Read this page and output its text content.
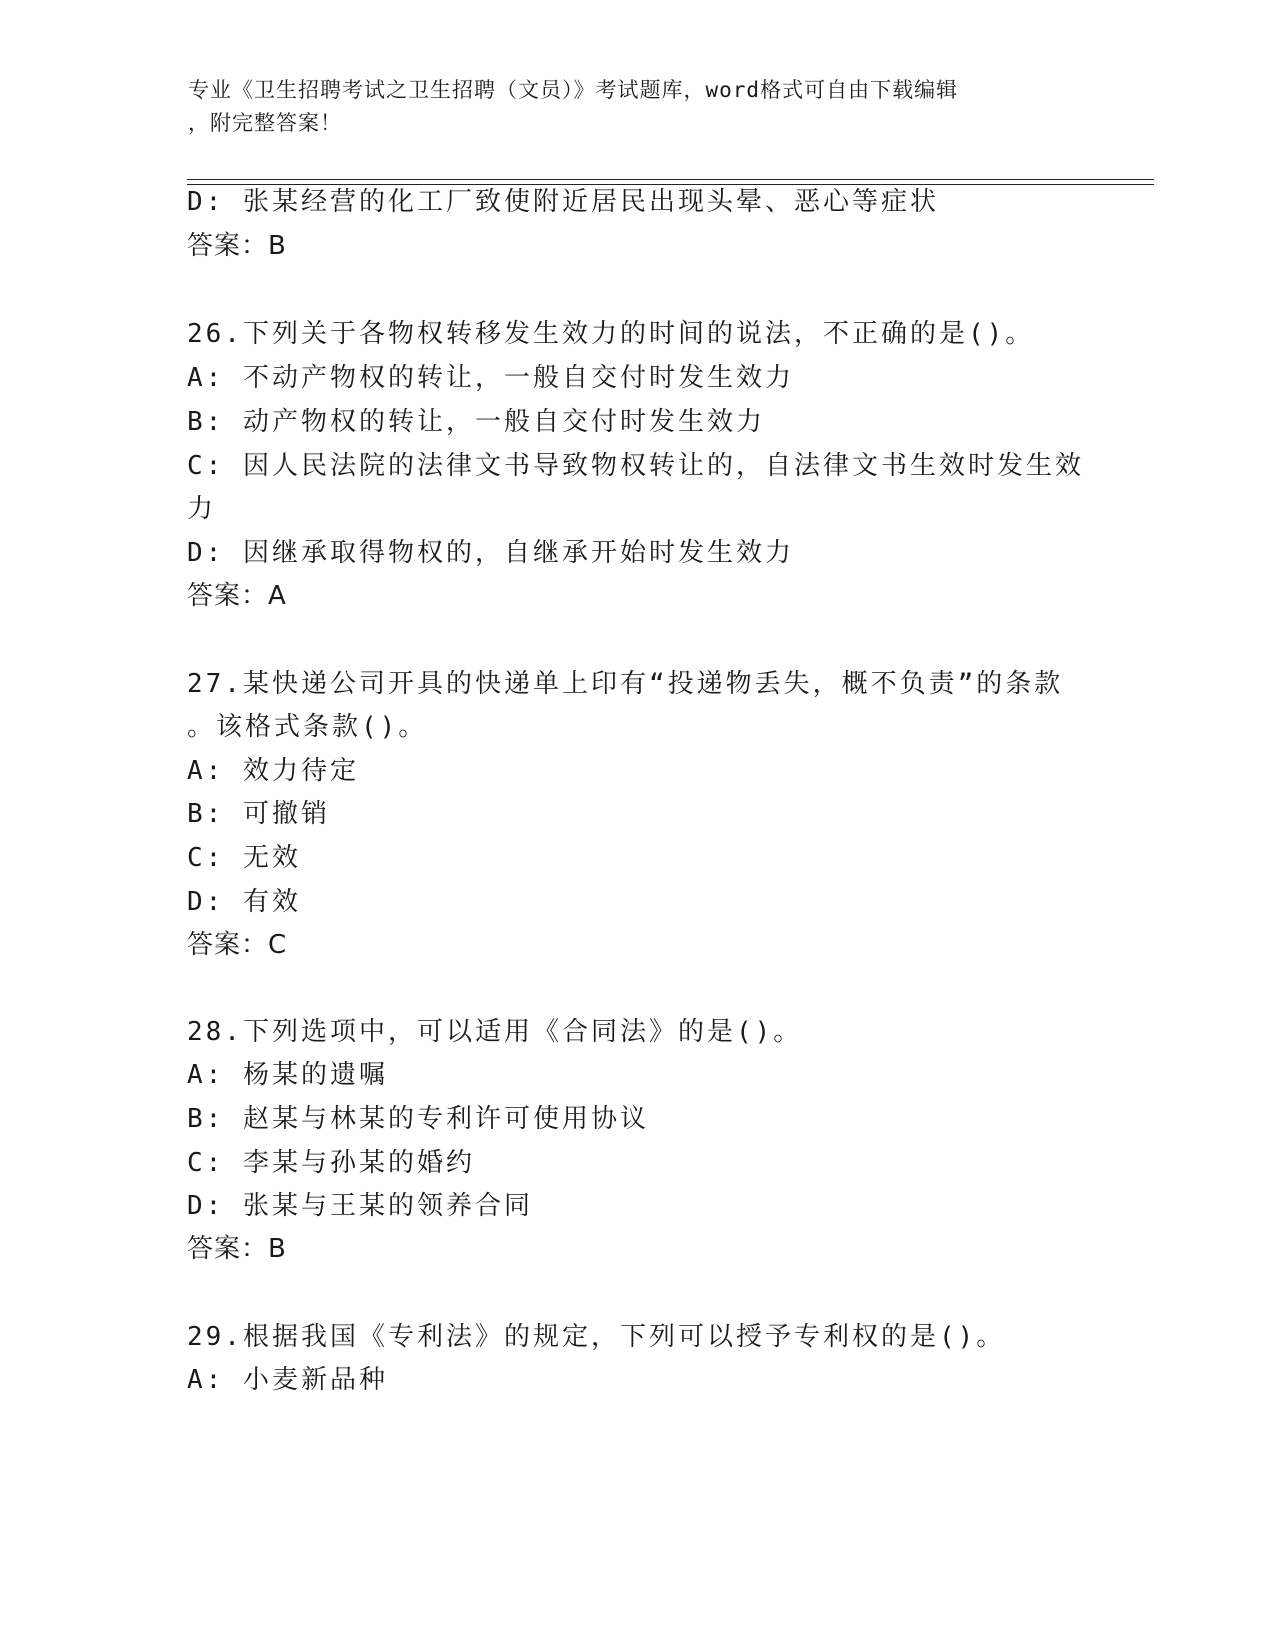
专业《卫生招聘考试之卫生招聘（文员）》考试题库，word格式可自由下载编辑
，附完整答案！
D: 张某经营的化工厂致使附近居民出现头晕、恶心等症状
答案：B
26.下列关于各物权转移发生效力的时间的说法，不正确的是()。
A: 不动产物权的转让，一般自交付时发生效力
B: 动产物权的转让，一般自交付时发生效力
C: 因人民法院的法律文书导致物权转让的，自法律文书生效时发生效
力
D: 因继承取得物权的，自继承开始时发生效力
答案：A
27.某快递公司开具的快递单上印有“投递物丢失，概不负责”的条款
。该格式条款()。
A: 效力待定
B: 可撤销
C: 无效
D: 有效
答案：C
28.下列选项中，可以适用《合同法》的是()。
A: 杨某的遗嘱
B: 赵某与林某的专利许可使用协议
C: 李某与孙某的婚约
D: 张某与王某的领养合同
答案：B
29.根据我国《专利法》的规定，下列可以授予专利权的是()。
A: 小麦新品种
